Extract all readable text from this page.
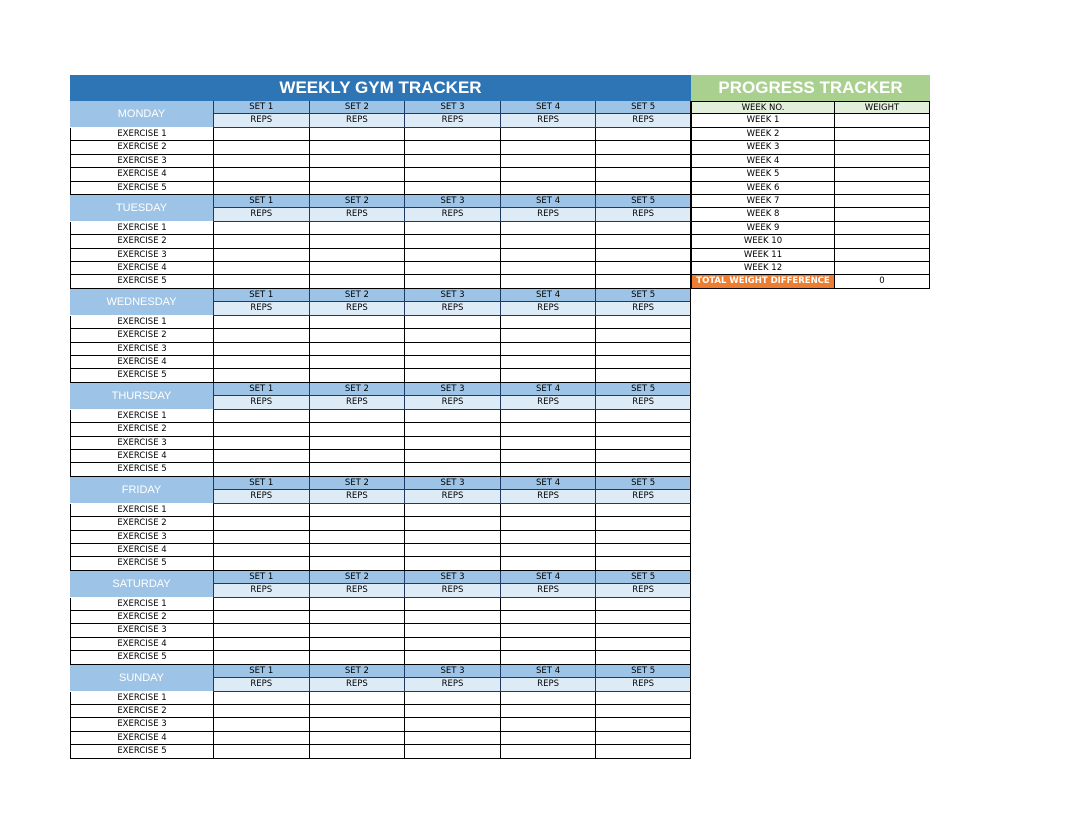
WEEKLY GYM TRACKER
MONDAY
SET 1	SET 2	SET 3	SET 4	SET 5
REPS	REPS	REPS	REPS	REPS
EXERCISE 1
EXERCISE 2
EXERCISE 3
EXERCISE 4
EXERCISE 5
TUESDAY
SET 1	SET 2	SET 3	SET 4	SET 5
REPS	REPS	REPS	REPS	REPS
EXERCISE 1
EXERCISE 2
EXERCISE 3
EXERCISE 4
EXERCISE 5
WEDNESDAY
SET 1	SET 2	SET 3	SET 4	SET 5
REPS	REPS	REPS	REPS	REPS
EXERCISE 1
EXERCISE 2
EXERCISE 3
EXERCISE 4
EXERCISE 5
THURSDAY
SET 1	SET 2	SET 3	SET 4	SET 5
REPS	REPS	REPS	REPS	REPS
EXERCISE 1
EXERCISE 2
EXERCISE 3
EXERCISE 4
EXERCISE 5
FRIDAY
SET 1	SET 2	SET 3	SET 4	SET 5
REPS	REPS	REPS	REPS	REPS
EXERCISE 1
EXERCISE 2
EXERCISE 3
EXERCISE 4
EXERCISE 5
SATURDAY
SET 1	SET 2	SET 3	SET 4	SET 5
REPS	REPS	REPS	REPS	REPS
EXERCISE 1
EXERCISE 2
EXERCISE 3
EXERCISE 4
EXERCISE 5
SUNDAY
SET 1	SET 2	SET 3	SET 4	SET 5
REPS	REPS	REPS	REPS	REPS
EXERCISE 1
EXERCISE 2
EXERCISE 3
EXERCISE 4
EXERCISE 5
PROGRESS TRACKER
WEEK NO.	WEIGHT
WEEK 1
WEEK 2
WEEK 3
WEEK 4
WEEK 5
WEEK 6
WEEK 7
WEEK 8
WEEK 9
WEEK 10
WEEK 11
WEEK 12
TOTAL WEIGHT DIFFERENCE	0
